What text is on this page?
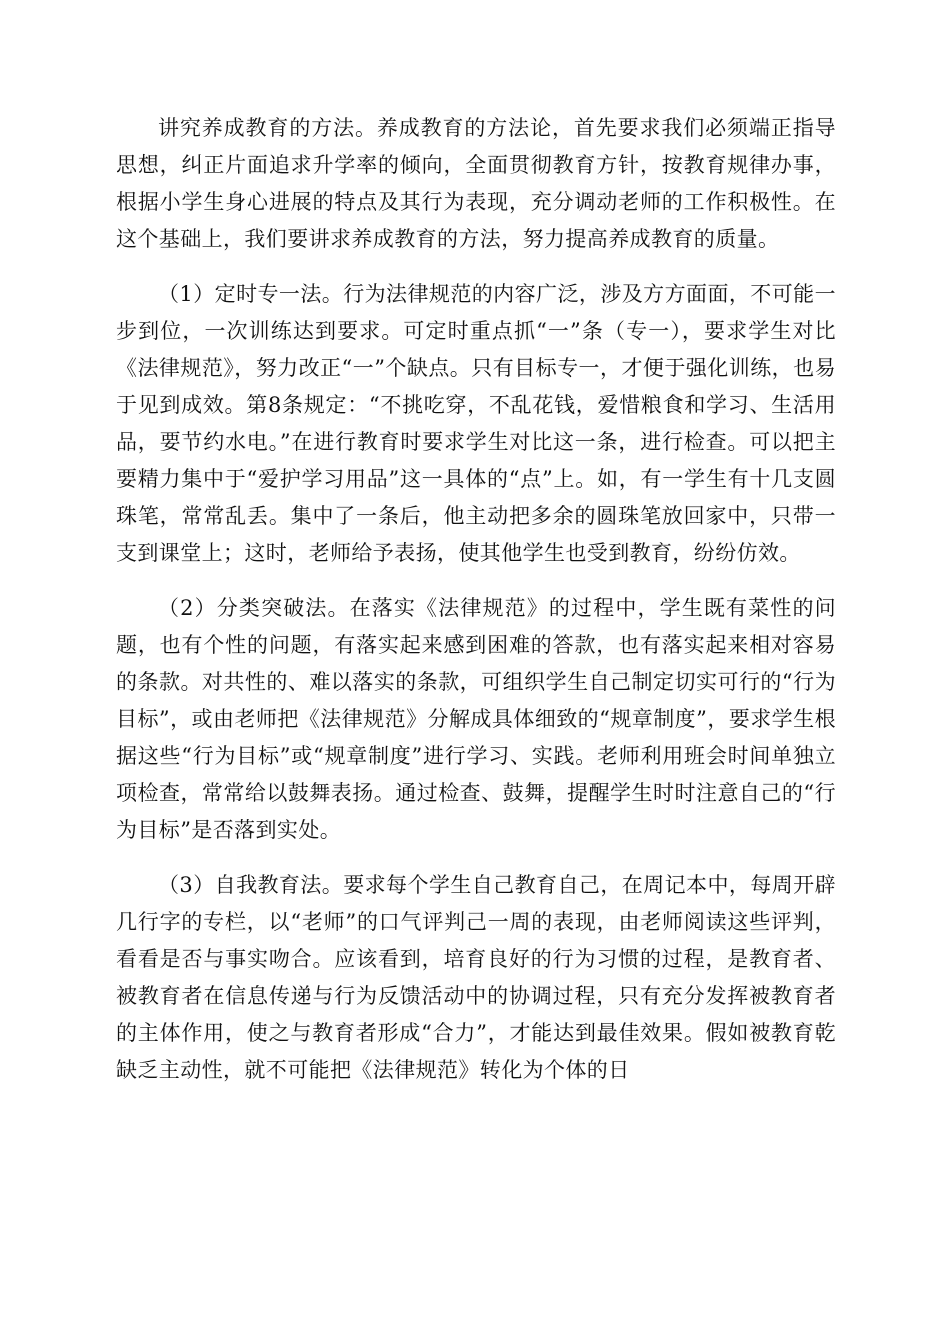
讲究养成教育的方法。养成教育的方法论，首先要求我们必须端正指导思想，纠正片面追求升学率的倾向，全面贯彻教育方针，按教育规律办事，根据小学生身心进展的特点及其行为表现，充分调动老师的工作积极性。在这个基础上，我们要讲求养成教育的方法，努力提高养成教育的质量。

（1）定时专一法。行为法律规范的内容广泛，涉及方方面面，不可能一步到位，一次训练达到要求。可定时重点抓“一”条（专一），要求学生对比《法律规范》，努力改正“一”个缺点。只有目标专一，才便于强化训练，也易于见到成效。第8条规定：“不挑吃穿，不乱花钱，爱惜粮食和学习、生活用品，要节约水电。”在进行教育时要求学生对比这一条，进行检查。可以把主要精力集中于“爱护学习用品”这一具体的“点”上。如，有一学生有十几支圆珠笔，常常乱丢。集中了一条后，他主动把多余的圆珠笔放回家中，只带一支到课堂上；这时，老师给予表扬，使其他学生也受到教育，纷纷仿效。

（2）分类突破法。在落实《法律规范》的过程中，学生既有菜性的问题，也有个性的问题，有落实起来感到困难的答款，也有落实起来相对容易的条款。对共性的、难以落实的条款，可组织学生自己制定切实可行的“行为目标”，或由老师把《法律规范》分解成具体细致的“规章制度”，要求学生根据这些“行为目标”或“规章制度”进行学习、实践。老师利用班会时间单独立项检查，常常给以鼓舞表扬。通过检查、鼓舞，提醒学生时时注意自己的“行为目标”是否落到实处。

（3）自我教育法。要求每个学生自己教育自己，在周记本中，每周开辟几行字的专栏，以“老师”的口气评判己一周的表现，由老师阅读这些评判，看看是否与事实吻合。应该看到，培育良好的行为习惯的过程，是教育者、被教育者在信息传递与行为反馈活动中的协调过程，只有充分发挥被教育者的主体作用，使之与教育者形成“合力”，才能达到最佳效果。假如被教育乾缺乏主动性，就不可能把《法律规范》转化为个体的日
